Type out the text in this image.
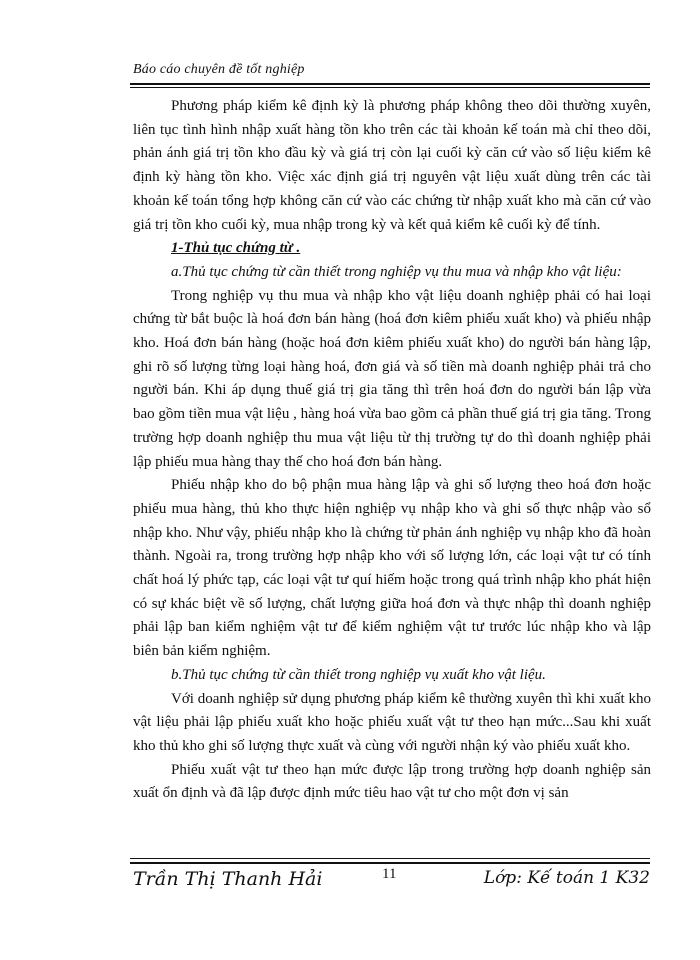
Báo cáo chuyên đề tốt nghiệp

Phương pháp kiểm kê định kỳ là phương pháp không theo dõi thường xuyên, liên tục tình hình nhập xuất hàng tồn kho trên các tài khoản kế toán mà chỉ theo dõi, phản ánh giá trị tồn kho đầu kỳ và giá trị còn lại cuối kỳ căn cứ vào số liệu kiểm kê định kỳ hàng tồn kho. Việc xác định giá trị nguyên vật liệu xuất dùng trên các tài khoản kế toán tổng hợp không căn cứ vào các chứng từ nhập xuất kho mà căn cứ vào giá trị tồn kho cuối kỳ, mua nhập trong kỳ và kết quả kiểm kê cuối kỳ để tính.

1-Thủ tục chứng từ .

a.Thủ tục chứng từ cần thiết trong nghiệp vụ thu mua và nhập kho vật liệu:

Trong nghiệp vụ thu mua và nhập kho vật liệu doanh nghiệp phải có hai loại chứng từ bắt buộc là hoá đơn bán hàng (hoá đơn kiêm phiếu xuất kho) và phiếu nhập kho. Hoá đơn bán hàng (hoặc hoá đơn kiêm phiếu xuất kho) do người bán hàng lập, ghi rõ số lượng từng loại hàng hoá, đơn giá và số tiền mà doanh nghiệp phải trả cho người bán. Khi áp dụng thuế giá trị gia tăng thì trên hoá đơn do người bán lập vừa bao gồm tiền mua vật liệu , hàng hoá vừa bao gồm cả phần thuế giá trị gia tăng. Trong trường hợp doanh nghiệp thu mua vật liệu từ thị trường tự do thì doanh nghiệp phải lập phiếu mua hàng thay thế cho hoá đơn bán hàng.

Phiếu nhập kho do bộ phận mua hàng lập và ghi số lượng theo hoá đơn hoặc phiếu mua hàng, thủ kho thực hiện nghiệp vụ nhập kho và ghi số thực nhập vào sổ nhập kho. Như vậy, phiếu nhập kho là chứng từ phản ánh nghiệp vụ nhập kho đã hoàn thành. Ngoài ra, trong trường hợp nhập kho với số lượng lớn, các loại vật tư có tính chất hoá lý phức tạp, các loại vật tư quí hiếm hoặc trong quá trình nhập kho phát hiện có sự khác biệt về số lượng, chất lượng giữa hoá đơn và thực nhập thì doanh nghiệp phải lập ban kiểm nghiệm vật tư để kiểm nghiệm vật tư trước lúc nhập kho và lập biên bản kiểm nghiệm.

b.Thủ tục chứng từ cần thiết trong nghiệp vụ xuất kho vật liệu.

Với doanh nghiệp sử dụng phương pháp kiểm kê thường xuyên thì khi xuất kho vật liệu phải lập phiếu xuất kho hoặc phiếu xuất vật tư theo hạn mức...Sau khi xuất kho thủ kho ghi số lượng thực xuất và cùng với người nhận ký vào phiếu xuất kho.

Phiếu xuất vật tư theo hạn mức được lập trong trường hợp doanh nghiệp sản xuất ổn định và đã lập được định mức tiêu hao vật tư cho một đơn vị sản

Trần Thị Thanh Hải	11	Lớp: Kế toán 1 K32
